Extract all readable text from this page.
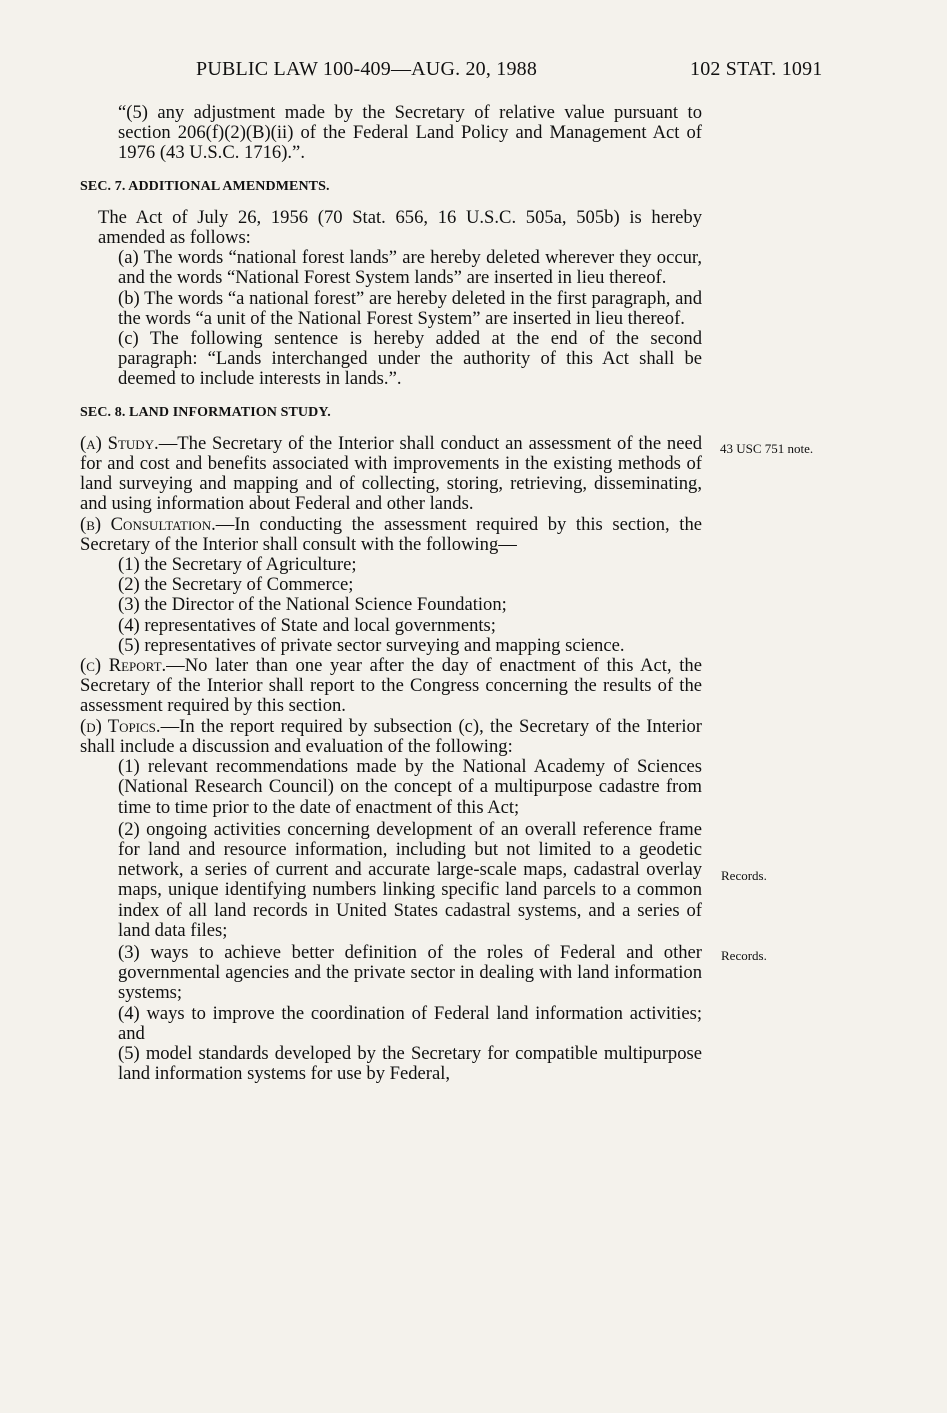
PUBLIC LAW 100-409—AUG. 20, 1988	102 STAT. 1091
43 USC 751 note.
Records.
Records.

“(5) any adjustment made by the Secretary of relative value pursuant to section 206(f)(2)(B)(ii) of the Federal Land Policy and Management Act of 1976 (43 U.S.C. 1716).”.

SEC. 7. ADDITIONAL AMENDMENTS.

The Act of July 26, 1956 (70 Stat. 656, 16 U.S.C. 505a, 505b) is hereby amended as follows:

(a) The words “national forest lands” are hereby deleted wherever they occur, and the words “National Forest System lands” are inserted in lieu thereof.

(b) The words “a national forest” are hereby deleted in the first paragraph, and the words “a unit of the National Forest System” are inserted in lieu thereof.

(c) The following sentence is hereby added at the end of the second paragraph: “Lands interchanged under the authority of this Act shall be deemed to include interests in lands.”.

SEC. 8. LAND INFORMATION STUDY.

(a) Study.—The Secretary of the Interior shall conduct an assessment of the need for and cost and benefits associated with improvements in the existing methods of land surveying and mapping and of collecting, storing, retrieving, disseminating, and using information about Federal and other lands.

(b) Consultation.—In conducting the assessment required by this section, the Secretary of the Interior shall consult with the following—

(1) the Secretary of Agriculture;

(2) the Secretary of Commerce;

(3) the Director of the National Science Foundation;

(4) representatives of State and local governments;

(5) representatives of private sector surveying and mapping science.

(c) Report.—No later than one year after the day of enactment of this Act, the Secretary of the Interior shall report to the Congress concerning the results of the assessment required by this section.

(d) Topics.—In the report required by subsection (c), the Secretary of the Interior shall include a discussion and evaluation of the following:

(1) relevant recommendations made by the National Academy of Sciences (National Research Council) on the concept of a multipurpose cadastre from time to time prior to the date of enactment of this Act;

(2) ongoing activities concerning development of an overall reference frame for land and resource information, including but not limited to a geodetic network, a series of current and accurate large-scale maps, cadastral overlay maps, unique identifying numbers linking specific land parcels to a common index of all land records in United States cadastral systems, and a series of land data files;

(3) ways to achieve better definition of the roles of Federal and other governmental agencies and the private sector in dealing with land information systems;

(4) ways to improve the coordination of Federal land information activities; and

(5) model standards developed by the Secretary for compatible multipurpose land information systems for use by Federal,
